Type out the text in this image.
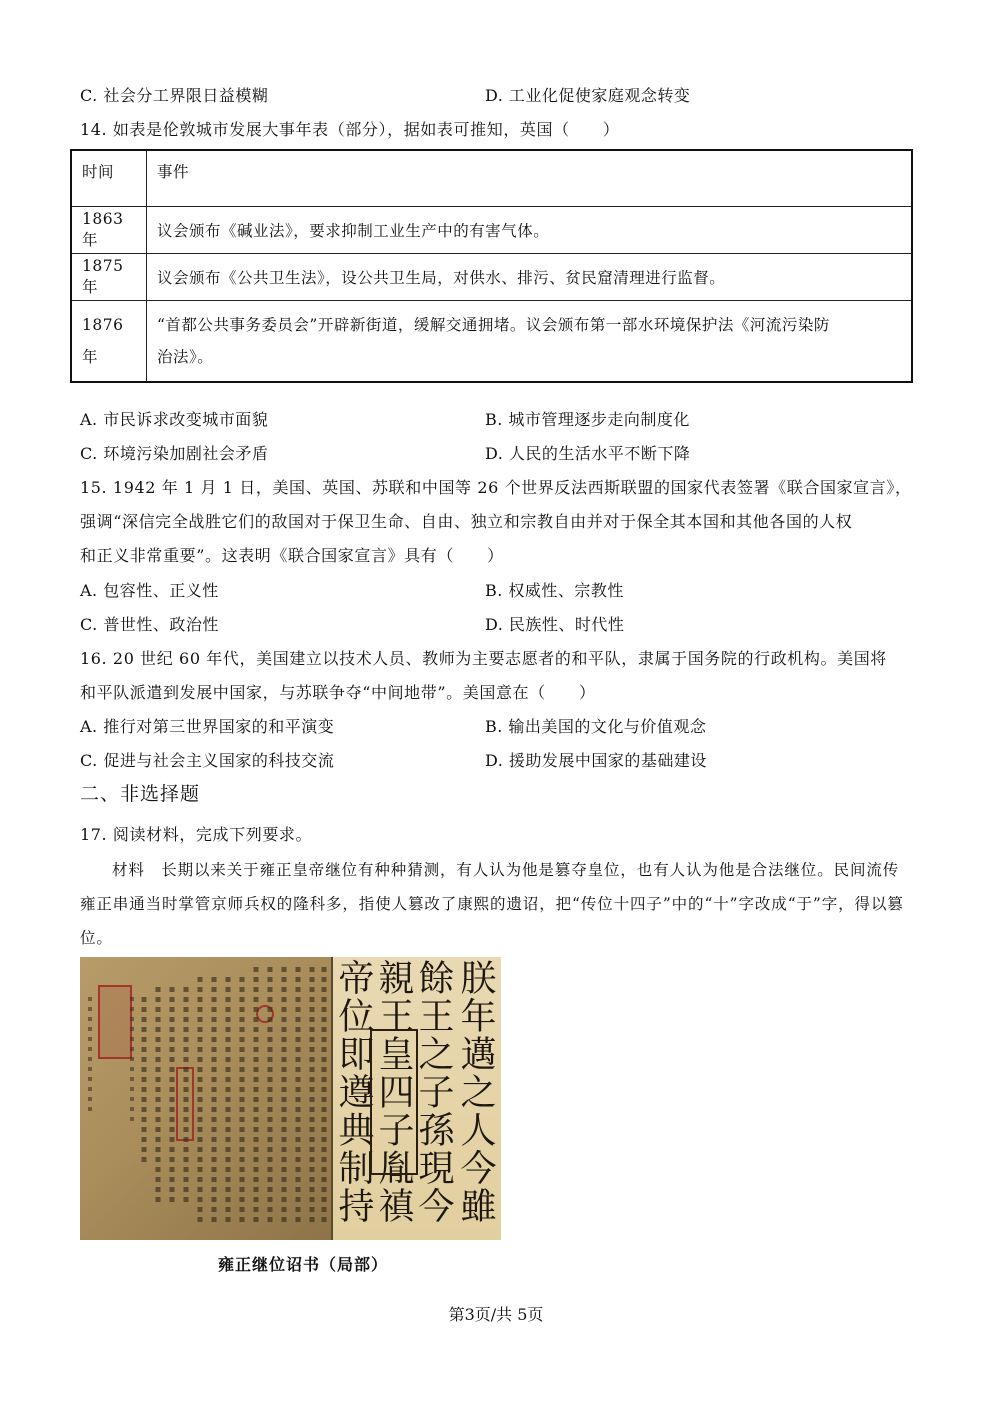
C. 社会分工界限日益模糊	D. 工业化促使家庭观念转变
14. 如表是伦敦城市发展大事年表（部分），据如表可推知，英国（　　）
时间	事件
1863年	议会颁布《碱业法》，要求抑制工业生产中的有害气体。
1875年	议会颁布《公共卫生法》，设公共卫生局，对供水、排污、贫民窟清理进行监督。
1876年	“首都公共事务委员会”开辟新街道，缓解交通拥堵。议会颁布第一部水环境保护法《河流污染防
治法》。
A. 市民诉求改变城市面貌	B. 城市管理逐步走向制度化
C. 环境污染加剧社会矛盾	D. 人民的生活水平不断下降
15. 1942 年 1 月 1 日，美国、英国、苏联和中国等 26 个世界反法西斯联盟的国家代表签署《联合国家宣言》，
强调“深信完全战胜它们的敌国对于保卫生命、自由、独立和宗教自由并对于保全其本国和其他各国的人权
和正义非常重要”。这表明《联合国家宣言》具有（　　）
A. 包容性、正义性	B. 权威性、宗教性
C. 普世性、政治性	D. 民族性、时代性
16. 20 世纪 60 年代，美国建立以技术人员、教师为主要志愿者的和平队，隶属于国务院的行政机构。美国将
和平队派遣到发展中国家，与苏联争夺“中间地带”。美国意在（　　）
A. 推行对第三世界国家的和平演变	B. 输出美国的文化与价值观念
C. 促进与社会主义国家的科技交流	D. 援助发展中国家的基础建设
二、非选择题
17. 阅读材料，完成下列要求。
材料　长期以来关于雍正皇帝继位有种种猜测，有人认为他是篡夺皇位，也有人认为他是合法继位。民间流传雍正串通当时掌管京师兵权的隆科多，指使人篡改了康熙的遗诏，把“传位十四子”中的“十”字改成“于”字，得以篡位。
朕年邁之人今雖
餘王之子孫現今
親王皇四子胤禛
帝位即遵典制持
雍正继位诏书（局部）
第3页/共 5页
